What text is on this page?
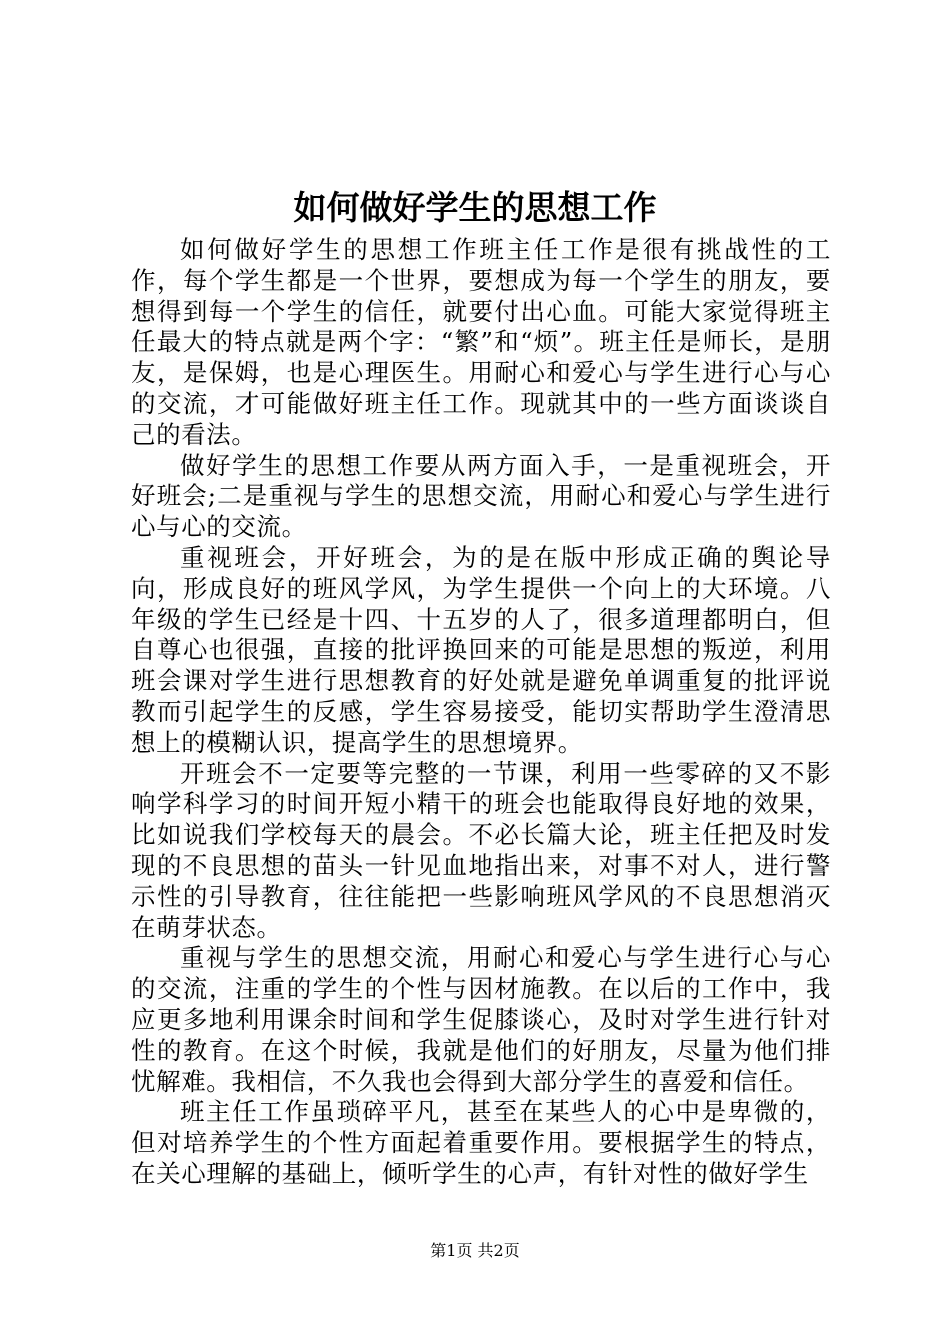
如何做好学生的思想工作

如何做好学生的思想工作班主任工作是很有挑战性的工作，每个学生都是一个世界，要想成为每一个学生的朋友，要想得到每一个学生的信任，就要付出心血。可能大家觉得班主任最大的特点就是两个字：“繁”和“烦”。班主任是师长，是朋友，是保姆，也是心理医生。用耐心和爱心与学生进行心与心的交流，才可能做好班主任工作。现就其中的一些方面谈谈自己的看法。

做好学生的思想工作要从两方面入手，一是重视班会，开好班会;二是重视与学生的思想交流，用耐心和爱心与学生进行心与心的交流。

重视班会，开好班会，为的是在版中形成正确的舆论导向，形成良好的班风学风，为学生提供一个向上的大环境。八年级的学生已经是十四、十五岁的人了，很多道理都明白，但自尊心也很强，直接的批评换回来的可能是思想的叛逆，利用班会课对学生进行思想教育的好处就是避免单调重复的批评说教而引起学生的反感，学生容易接受，能切实帮助学生澄清思想上的模糊认识，提高学生的思想境界。

开班会不一定要等完整的一节课，利用一些零碎的又不影响学科学习的时间开短小精干的班会也能取得良好地的效果，比如说我们学校每天的晨会。不必长篇大论，班主任把及时发现的不良思想的苗头一针见血地指出来，对事不对人，进行警示性的引导教育，往往能把一些影响班风学风的不良思想消灭在萌芽状态。

重视与学生的思想交流，用耐心和爱心与学生进行心与心的交流，注重的学生的个性与因材施教。在以后的工作中，我应更多地利用课余时间和学生促膝谈心，及时对学生进行针对性的教育。在这个时候，我就是他们的好朋友，尽量为他们排忧解难。我相信，不久我也会得到大部分学生的喜爱和信任。

班主任工作虽琐碎平凡，甚至在某些人的心中是卑微的，但对培养学生的个性方面起着重要作用。要根据学生的特点，在关心理解的基础上，倾听学生的心声，有针对性的做好学生

第1页 共2页
